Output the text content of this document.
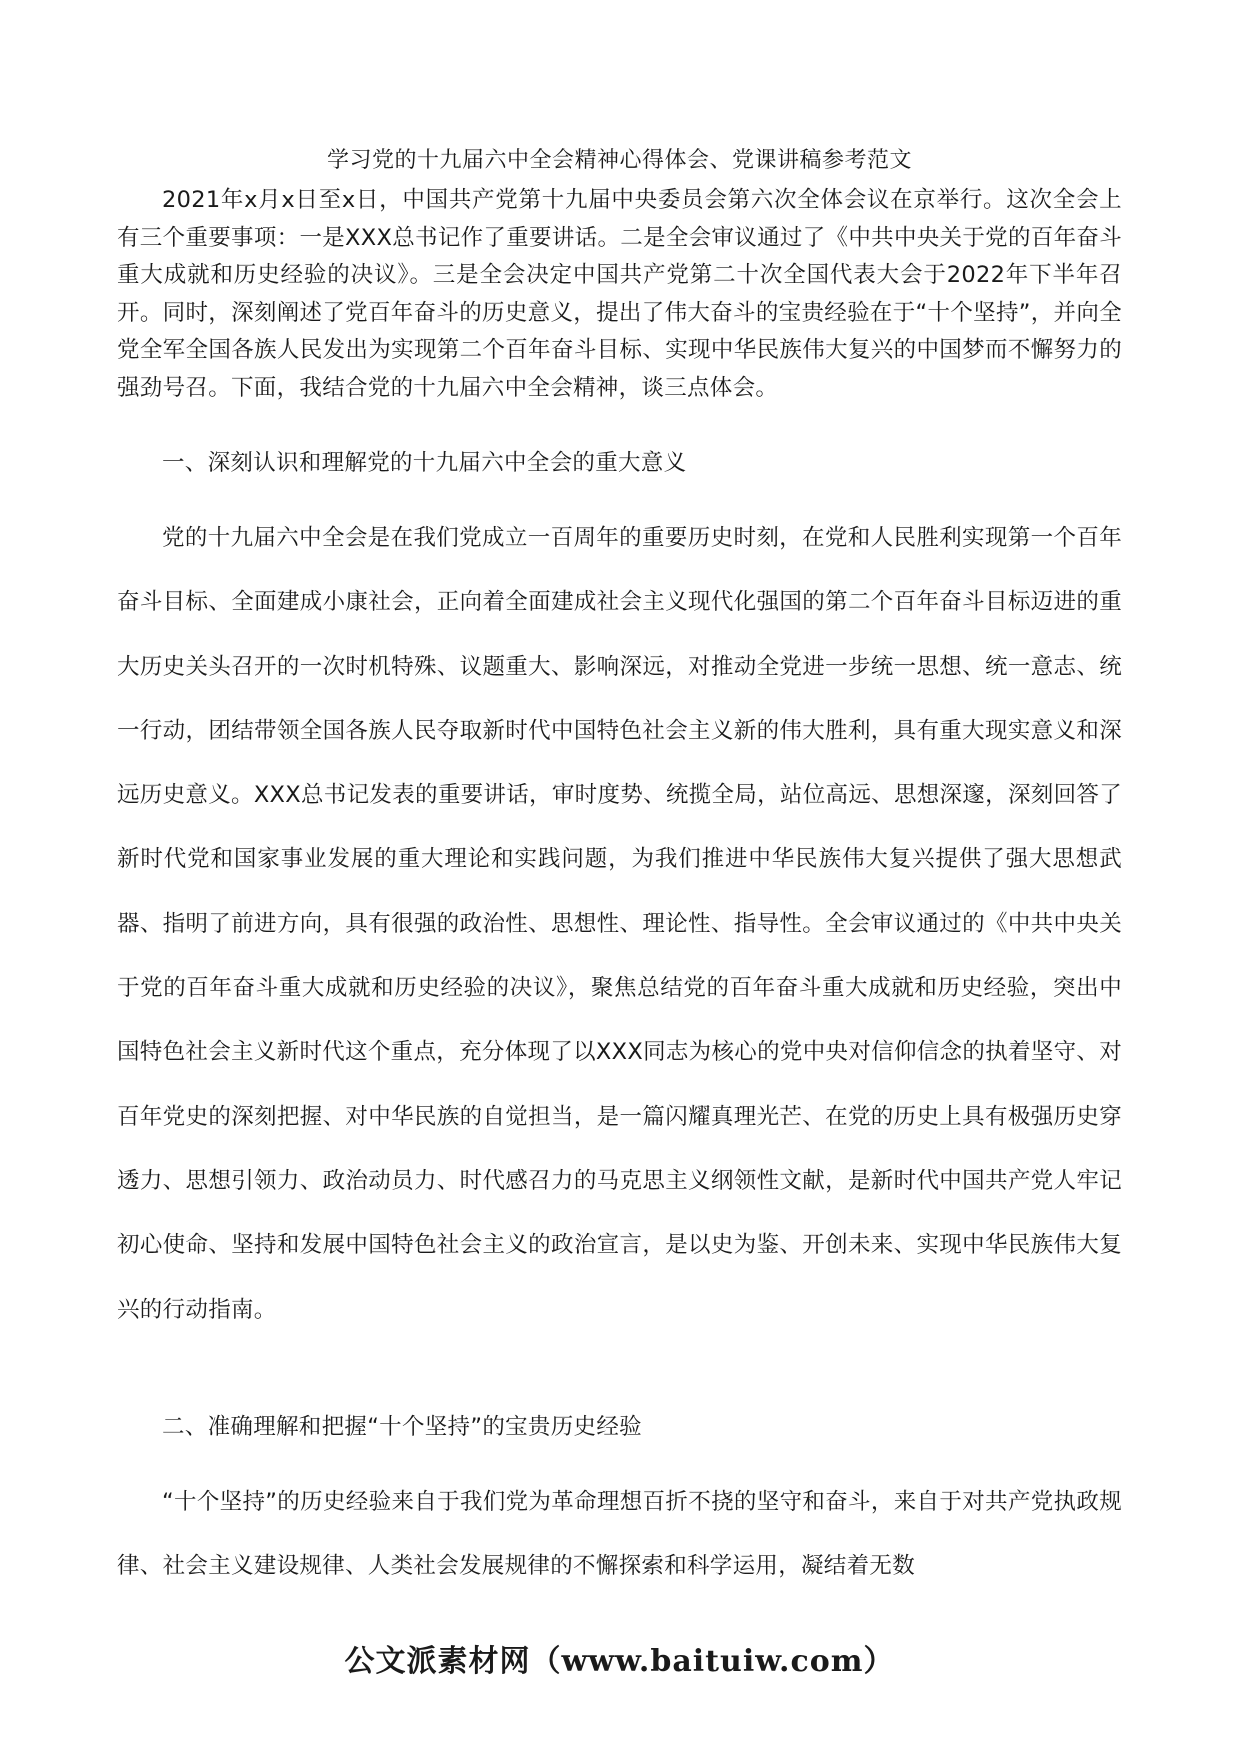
学习党的十九届六中全会精神心得体会、党课讲稿参考范文

2021年x月x日至x日，中国共产党第十九届中央委员会第六次全体会议在京举行。这次全会上有三个重要事项：一是XXX总书记作了重要讲话。二是全会审议通过了《中共中央关于党的百年奋斗重大成就和历史经验的决议》。三是全会决定中国共产党第二十次全国代表大会于2022年下半年召开。同时，深刻阐述了党百年奋斗的历史意义，提出了伟大奋斗的宝贵经验在于“十个坚持”，并向全党全军全国各族人民发出为实现第二个百年奋斗目标、实现中华民族伟大复兴的中国梦而不懈努力的强劲号召。下面，我结合党的十九届六中全会精神，谈三点体会。

一、深刻认识和理解党的十九届六中全会的重大意义

党的十九届六中全会是在我们党成立一百周年的重要历史时刻，在党和人民胜利实现第一个百年奋斗目标、全面建成小康社会，正向着全面建成社会主义现代化强国的第二个百年奋斗目标迈进的重大历史关头召开的一次时机特殊、议题重大、影响深远，对推动全党进一步统一思想、统一意志、统一行动，团结带领全国各族人民夺取新时代中国特色社会主义新的伟大胜利，具有重大现实意义和深远历史意义。XXX总书记发表的重要讲话，审时度势、统揽全局，站位高远、思想深邃，深刻回答了新时代党和国家事业发展的重大理论和实践问题，为我们推进中华民族伟大复兴提供了强大思想武器、指明了前进方向，具有很强的政治性、思想性、理论性、指导性。全会审议通过的《中共中央关于党的百年奋斗重大成就和历史经验的决议》，聚焦总结党的百年奋斗重大成就和历史经验，突出中国特色社会主义新时代这个重点，充分体现了以XXX同志为核心的党中央对信仰信念的执着坚守、对百年党史的深刻把握、对中华民族的自觉担当，是一篇闪耀真理光芒、在党的历史上具有极强历史穿透力、思想引领力、政治动员力、时代感召力的马克思主义纲领性文献，是新时代中国共产党人牢记初心使命、坚持和发展中国特色社会主义的政治宣言，是以史为鉴、开创未来、实现中华民族伟大复兴的行动指南。

二、准确理解和把握“十个坚持”的宝贵历史经验

“十个坚持”的历史经验来自于我们党为革命理想百折不挠的坚守和奋斗，来自于对共产党执政规律、社会主义建设规律、人类社会发展规律的不懈探索和科学运用，凝结着无数

公文派素材网（www.baituiw.com）
